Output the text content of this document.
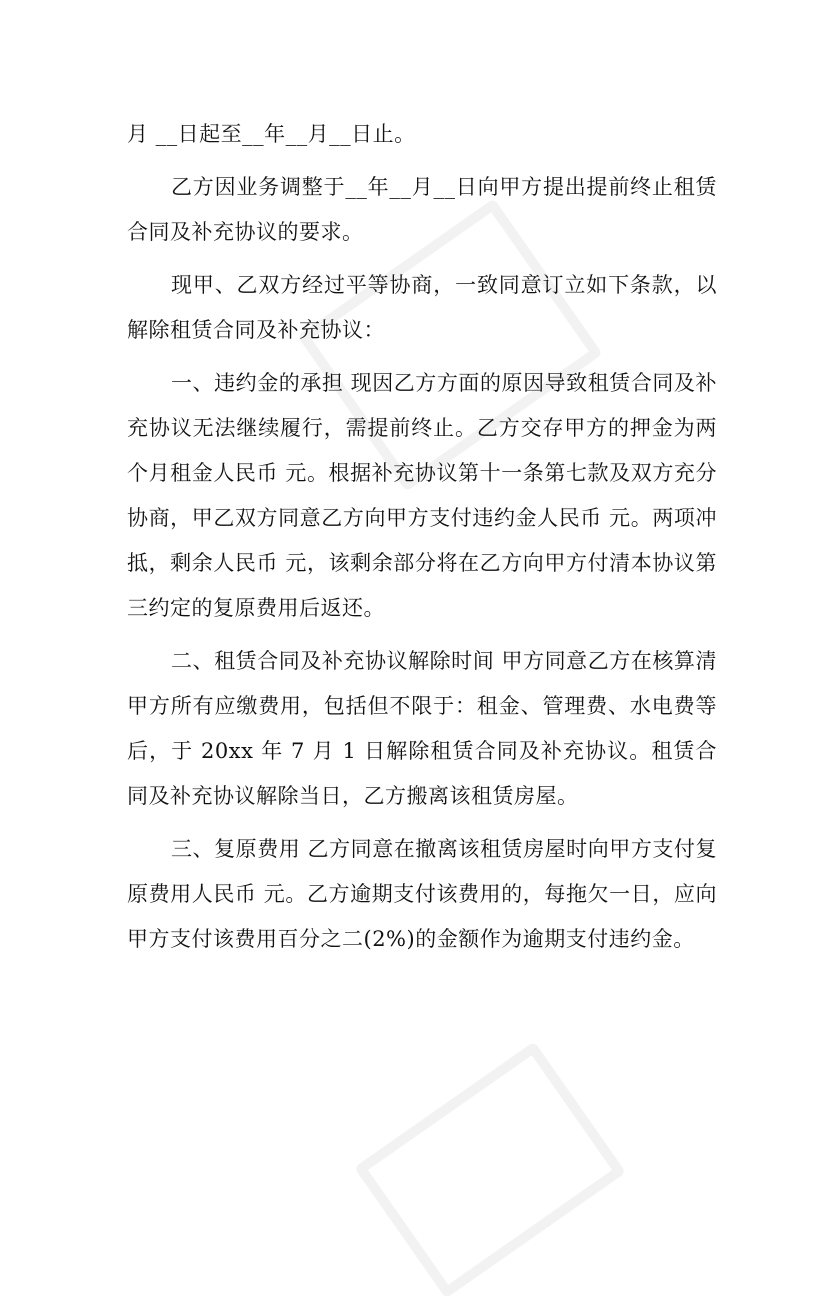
月 __日起至__年__月__日止。

乙方因业务调整于__年__月__日向甲方提出提前终止租赁合同及补充协议的要求。

现甲、乙双方经过平等协商，一致同意订立如下条款，以解除租赁合同及补充协议：

一、违约金的承担 现因乙方方面的原因导致租赁合同及补充协议无法继续履行，需提前终止。乙方交存甲方的押金为两个月租金人民币 元。根据补充协议第十一条第七款及双方充分协商，甲乙双方同意乙方向甲方支付违约金人民币 元。两项冲抵，剩余人民币 元，该剩余部分将在乙方向甲方付清本协议第三约定的复原费用后返还。

二、租赁合同及补充协议解除时间 甲方同意乙方在核算清甲方所有应缴费用，包括但不限于：租金、管理费、水电费等后，于 20xx 年 7 月 1 日解除租赁合同及补充协议。租赁合同及补充协议解除当日，乙方搬离该租赁房屋。

三、复原费用 乙方同意在撤离该租赁房屋时向甲方支付复原费用人民币 元。乙方逾期支付该费用的，每拖欠一日，应向甲方支付该费用百分之二(2%)的金额作为逾期支付违约金。
